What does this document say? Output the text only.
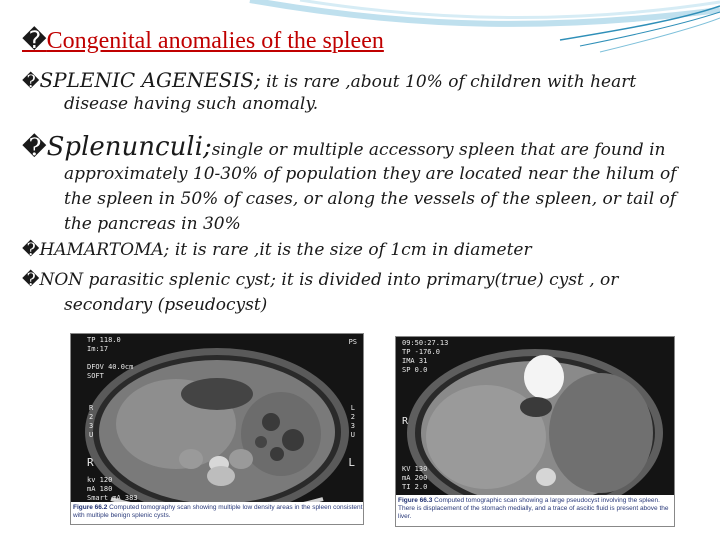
�Congenital anomalies of the spleen
�SPLENIC AGENESIS; it is rare ,about 10% of children with heart
disease having such anomaly.
�Splenunculi;single or multiple accessory spleen that are found in
approximately 10-30% of population they are located near the hilum of
the spleen in 50% of cases, or along the vessels of the spleen, or tail of
the pancreas in 30%
�HAMARTOMA; it is rare ,it is the size of 1cm in diameter
�NON parasitic splenic cyst; it is divided into primary(true) cyst , or
secondary (pseudocyst)
TP 118.0
Im:17

DFOV 40.0cm
SOFT
PS
R
2
3
U
L
2
3
U
R	L
kv 120
mA 180
Smart mA 383
Figure 66.2 Computed tomography scan showing multiple low density areas in the spleen consistent with multiple benign splenic cysts.
09:50:27.13
TP -176.0
IMA 31
SP 0.0
R
KV 130
mA 200
TI 2.0
Figure 66.3 Computed tomographic scan showing a large pseudocyst involving the spleen. There is displacement of the stomach medially, and a trace of ascitic fluid is present above the liver.
